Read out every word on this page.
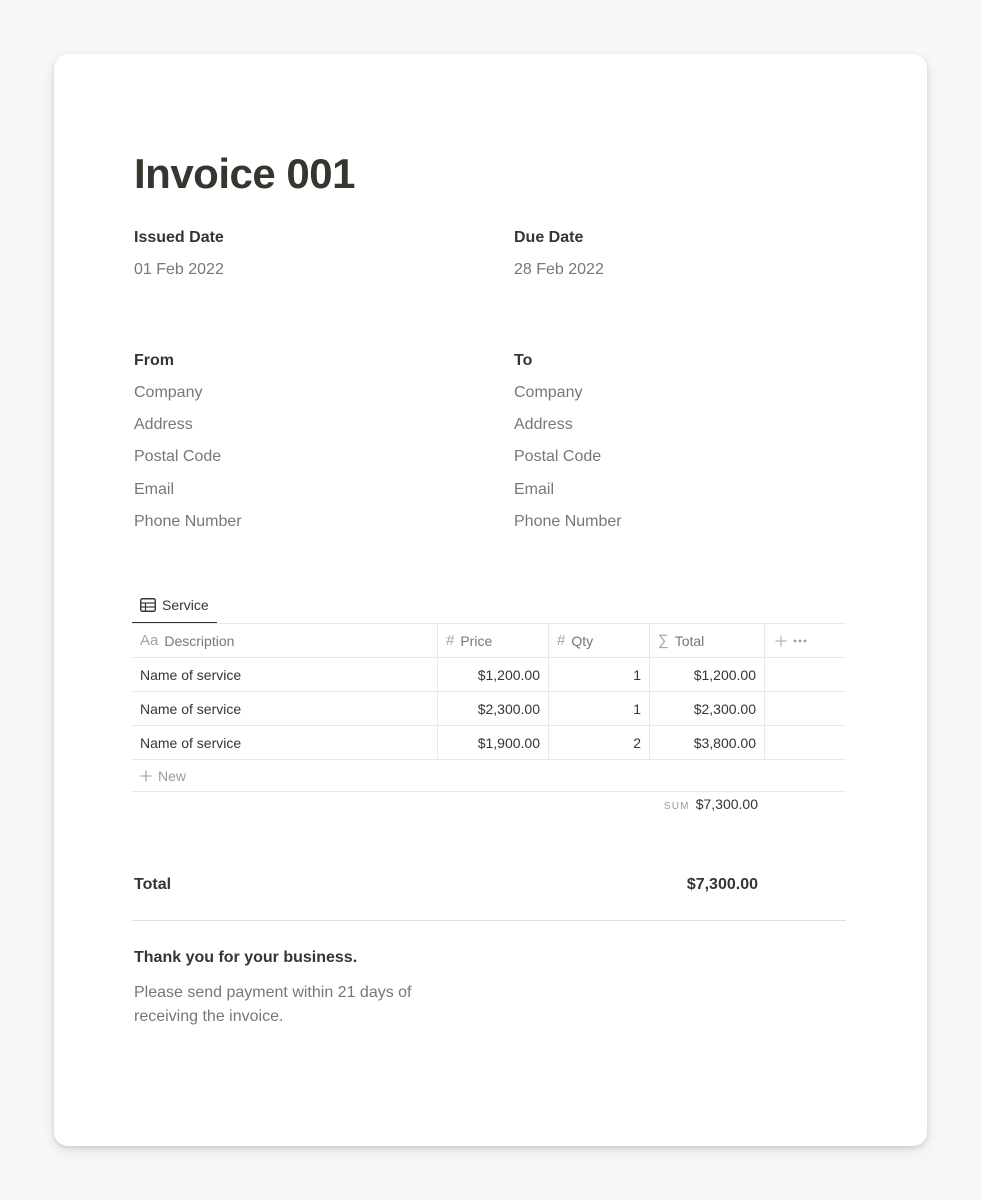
Invoice 001
Issued Date
01 Feb 2022
Due Date
28 Feb 2022
From
Company
Address
Postal Code
Email
Phone Number
To
Company
Address
Postal Code
Email
Phone Number
Service
Aa Description	# Price	# Qty	∑ Total
Name of service	$1,200.00	1	$1,200.00
Name of service	$2,300.00	1	$2,300.00
Name of service	$1,900.00	2	$3,800.00
New
SUM $7,300.00
Total	$7,300.00
Thank you for your business.
Please send payment within 21 days of receiving the invoice.
